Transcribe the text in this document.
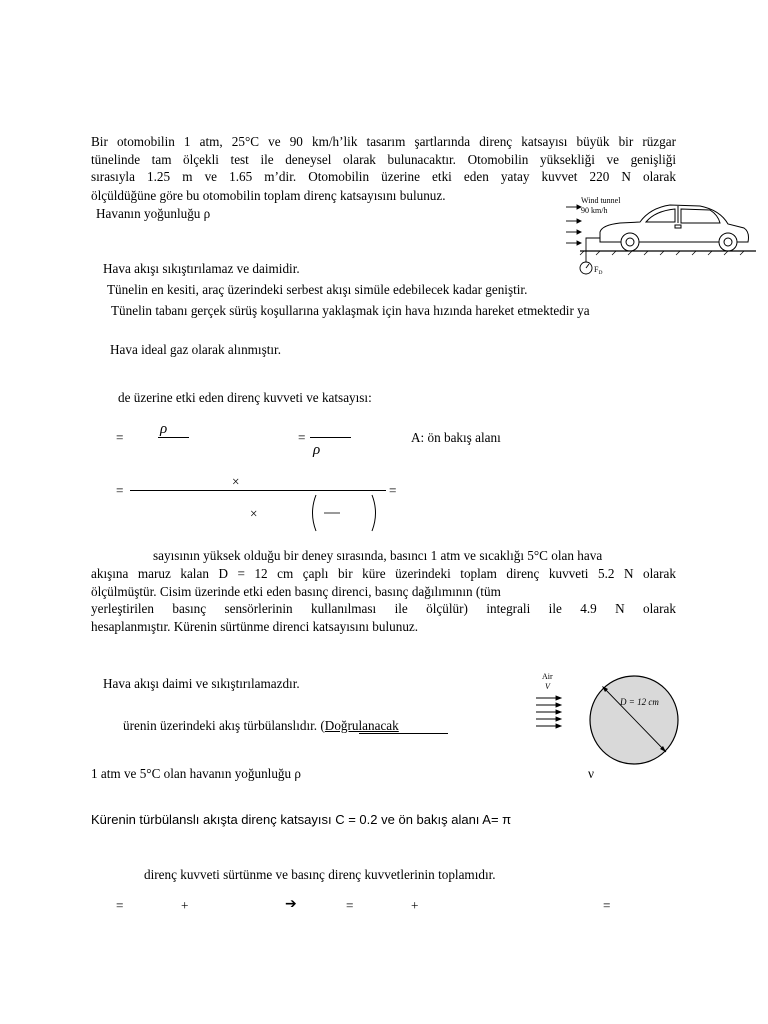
Bir otomobilin 1 atm, 25°C ve 90 km/h’lik tasarım şartlarında direnç katsayısı büyük bir rüzgar
tünelinde tam ölçekli test ile deneysel olarak bulunacaktır. Otomobilin yüksekliği ve genişliği
sırasıyla 1.25 m ve 1.65 m’dir. Otomobilin üzerine etki eden yatay kuvvet 220 N olarak
ölçüldüğüne göre bu otomobilin toplam direnç katsayısını bulunuz.
Havanın yoğunluğu ρ
Wind tunnel
90 km/h
$F_D$
Hava akışı sıkıştırılamaz ve daimidir.
Tünelin en kesiti, araç üzerindeki serbest akışı simüle edebilecek kadar geniştir.
Tünelin tabanı gerçek sürüş koşullarına yaklaşmak için hava hızında hareket etmektedir ya
Hava ideal gaz olarak alınmıştır.
de üzerine etki eden direnç kuvveti ve katsayısı:
=
ρ
=
ρ
A: ön bakış alanı
=
×
=
×
sayısının yüksek olduğu bir deney sırasında, basıncı 1 atm ve sıcaklığı 5°C olan hava
akışına maruz kalan D = 12 cm çaplı bir küre üzerindeki toplam direnç kuvveti 5.2 N olarak
ölçülmüştür. Cisim üzerinde etki eden basınç direnci, basınç dağılımının (tüm
yerleştirilen basınç sensörlerinin kullanılması ile ölçülür) integrali ile 4.9 N olarak
hesaplanmıştır. Kürenin sürtünme direnci katsayısını bulunuz.
Hava akışı daimi ve sıkıştırılamazdır.
ürenin üzerindeki akış türbülanslıdır. (Doğrulanacak
Air
V
D = 12 cm
1 atm ve 5°C olan havanın yoğunluğu ρ	ν
Kürenin türbülanslı akışta direnç katsayısı C = 0.2 ve ön bakış alanı A= π
direnç kuvveti sürtünme ve basınç direnç kuvvetlerinin toplamıdır.
=	+	➔	=	+	=
